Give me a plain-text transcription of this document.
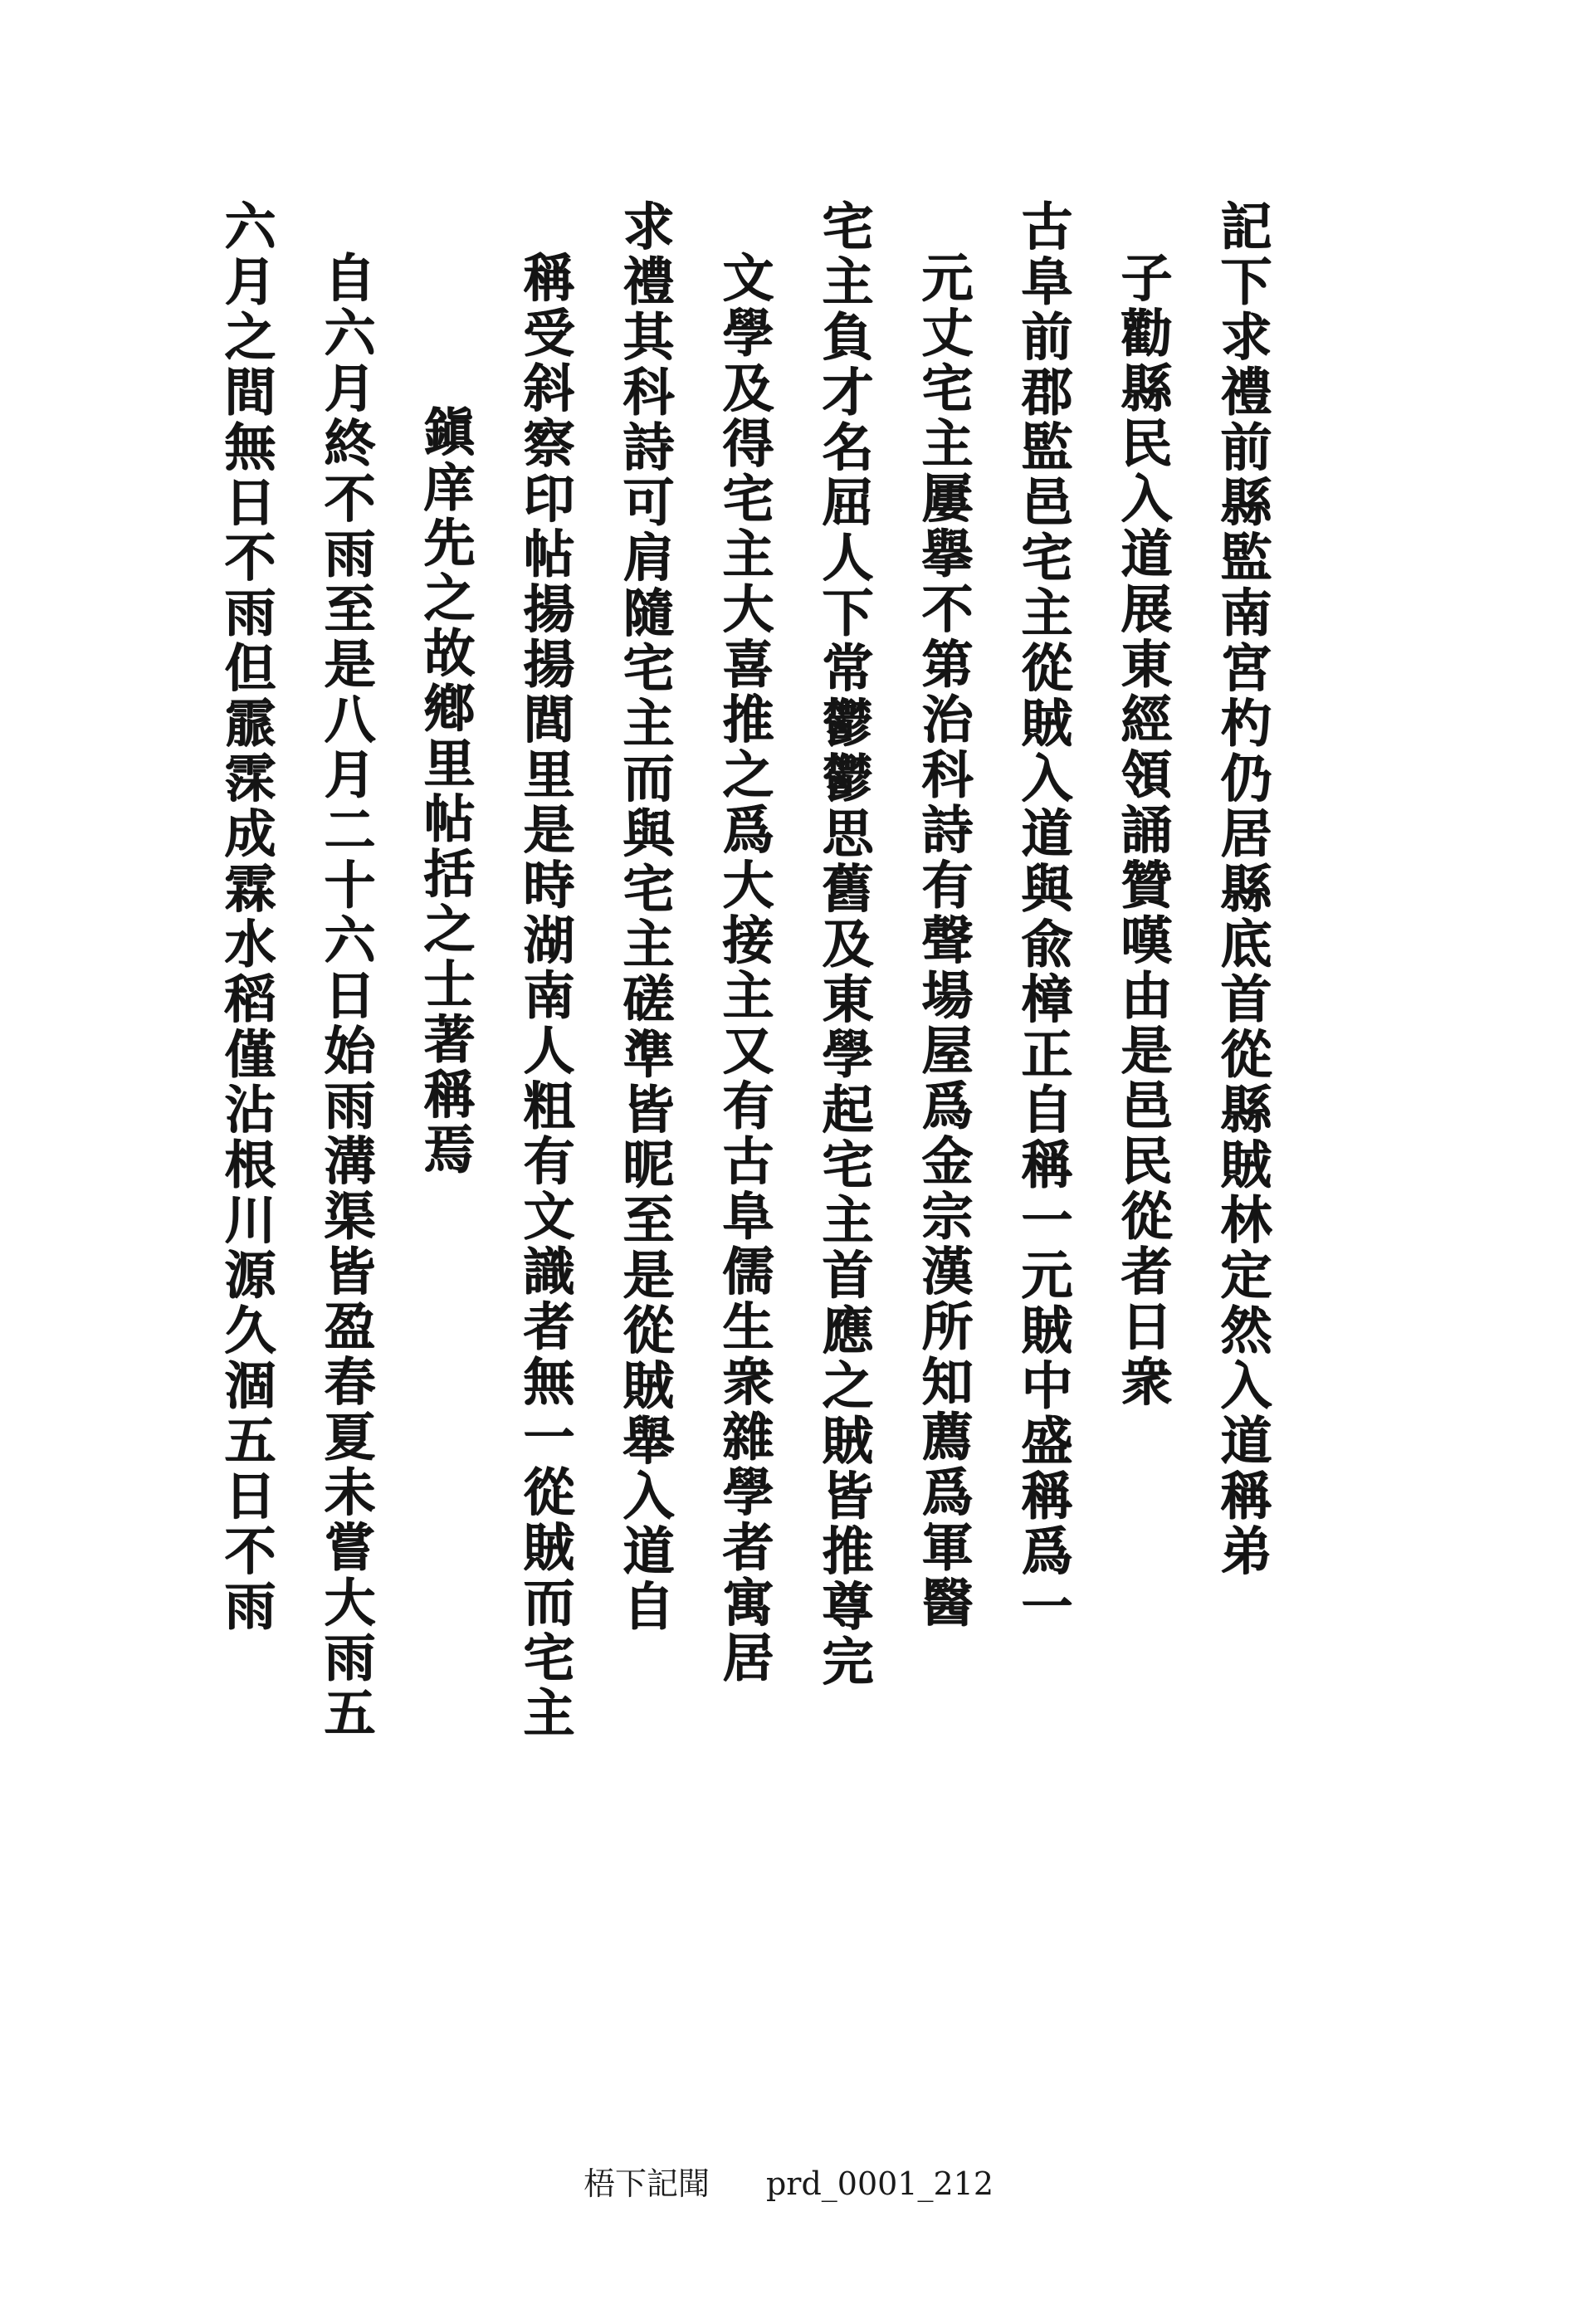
記下求禮前縣監南宮杓仍居縣底首從縣賊林定然入道稱弟
子勸縣民入道展東經領誦贊嘆由是邑民從者日衆
古阜前郡監邑宅主從賊入道與兪樟正自稱一元賊中盛稱爲一
元丈宅主屢擧不第治科詩有聲場屋爲金宗漢所知薦爲軍醫
宅主負才名屈人下常鬱鬱思舊及東學起宅主首應之賊皆推尊完
文學及得宅主大喜推之爲大接主又有古阜儒生衆雜學者寓居
求禮其科詩可肩隨宅主而與宅主磋準皆昵至是從賊舉入道自
稱受斜察印帖揚揚閭里是時湖南人粗有文識者無一從賊而宅主
鎭庠先之故鄕里帖括之士著稱焉
自六月終不雨至是八月二十六日始雨溝渠皆盈春夏未嘗大雨五
六月之間無日不雨但霢霂成霖水稻僅沾根川源久涸五日不雨
梧下記聞 prd_0001_212
